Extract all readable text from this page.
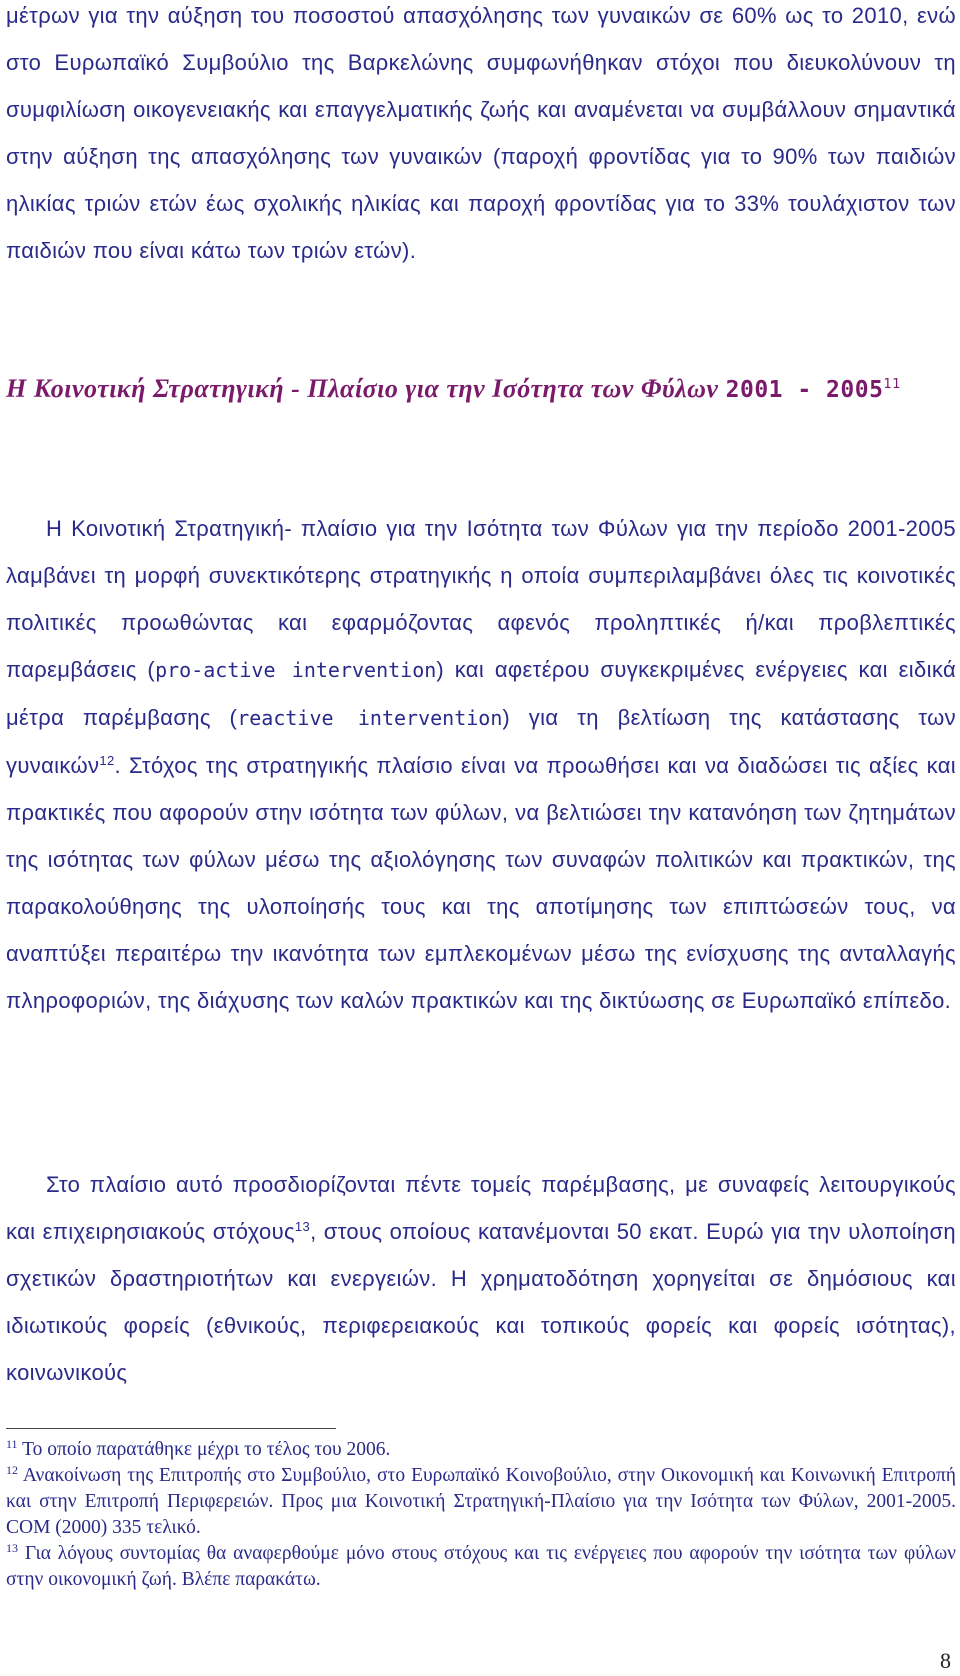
μέτρων για την αύξηση του ποσοστού απασχόλησης των γυναικών σε 60% ως το 2010, ενώ στο Ευρωπαϊκό Συμβούλιο της Βαρκελώνης συμφωνήθηκαν στόχοι που διευκολύνουν τη συμφιλίωση οικογενειακής και επαγγελματικής ζωής και αναμένεται να συμβάλλουν σημαντικά στην αύξηση της απασχόλησης των γυναικών (παροχή φροντίδας για το 90% των παιδιών ηλικίας τριών ετών έως σχολικής ηλικίας και παροχή φροντίδας για το 33% τουλάχιστον των παιδιών που είναι κάτω των τριών ετών).

Η Κοινοτική Στρατηγική - Πλαίσιο για την Ισότητα των Φύλων 2001 - 2005$^{11}$

Η Κοινοτική Στρατηγική- πλαίσιο για την Ισότητα των Φύλων για την περίοδο 2001-2005 λαμβάνει τη μορφή συνεκτικότερης στρατηγικής η οποία συμπεριλαμβάνει όλες τις κοινοτικές πολιτικές προωθώντας και εφαρμόζοντας αφενός προληπτικές ή/και προβλεπτικές παρεμβάσεις (pro-active intervention) και αφετέρου συγκεκριμένες ενέργειες και ειδικά μέτρα παρέμβασης (reactive intervention) για τη βελτίωση της κατάστασης των γυναικών$^{12}$. Στόχος της στρατηγικής πλαίσιο είναι να προωθήσει και να διαδώσει τις αξίες και πρακτικές που αφορούν στην ισότητα των φύλων, να βελτιώσει την κατανόηση των ζητημάτων της ισότητας των φύλων μέσω της αξιολόγησης των συναφών πολιτικών και πρακτικών, της παρακολούθησης της υλοποίησής τους και της αποτίμησης των επιπτώσεών τους, να αναπτύξει περαιτέρω την ικανότητα των εμπλεκομένων μέσω της ενίσχυσης της ανταλλαγής πληροφοριών, της διάχυσης των καλών πρακτικών και της δικτύωσης σε Ευρωπαϊκό επίπεδο.

Στο πλαίσιο αυτό προσδιορίζονται πέντε τομείς παρέμβασης, με συναφείς λειτουργικούς και επιχειρησιακούς στόχους$^{13}$, στους οποίους κατανέμονται 50 εκατ. Ευρώ για την υλοποίηση σχετικών δραστηριοτήτων και ενεργειών. Η χρηματοδότηση χορηγείται σε δημόσιους και ιδιωτικούς φορείς (εθνικούς, περιφερειακούς και τοπικούς φορείς και φορείς ισότητας), κοινωνικούς

$^{11}$ Το οποίο παρατάθηκε μέχρι το τέλος του 2006.

$^{12}$ Ανακοίνωση της Επιτροπής στο Συμβούλιο, στο Ευρωπαϊκό Κοινοβούλιο, στην Οικονομική και Κοινωνική Επιτροπή και στην Επιτροπή Περιφερειών. Προς μια Κοινοτική Στρατηγική-Πλαίσιο για την Ισότητα των Φύλων, 2001-2005. COM (2000) 335 τελικό.

$^{13}$ Για λόγους συντομίας θα αναφερθούμε μόνο στους στόχους και τις ενέργειες που αφορούν την ισότητα των φύλων στην οικονομική ζωή. Βλέπε παρακάτω.

8
